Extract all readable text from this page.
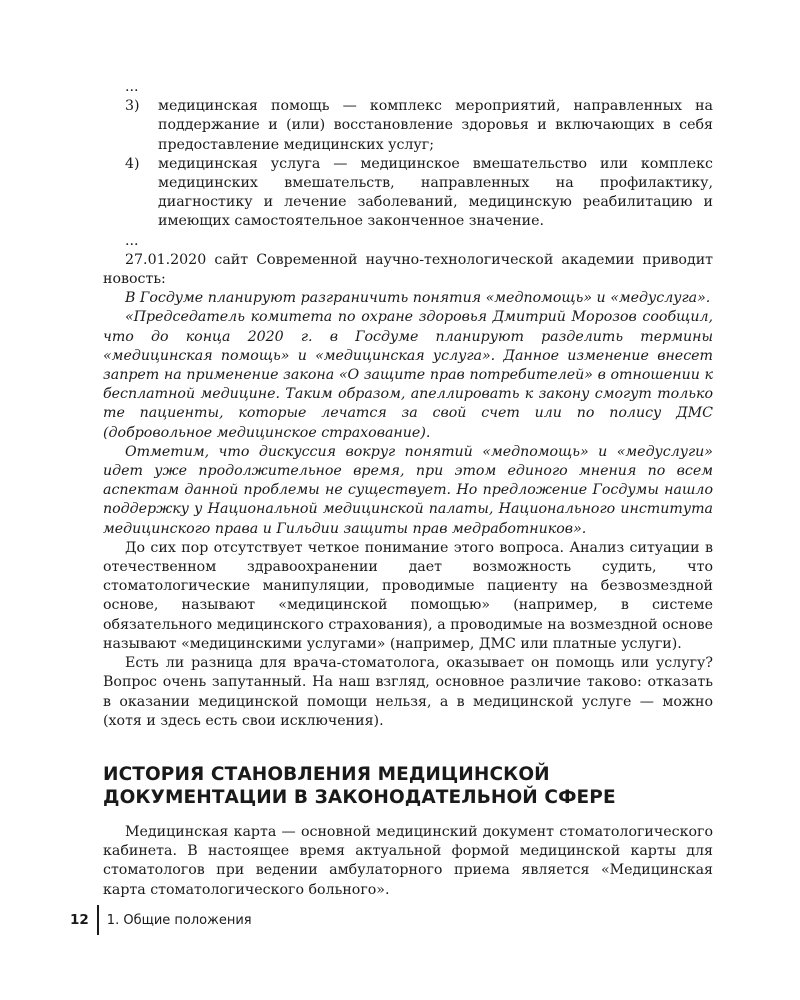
...

3)	медицинская помощь — комплекс мероприятий, направленных на поддержание и (или) восстановление здоровья и включающих в себя предоставление медицинских услуг;
4)	медицинская услуга — медицинское вмешательство или комплекс медицинских вмешательств, направленных на профилактику, диагностику и лечение заболеваний, медицинскую реабилитацию и имеющих самостоятельное законченное значение.

...

27.01.2020 сайт Современной научно-технологической академии приводит новость:

В Госдуме планируют разграничить понятия «медпомощь» и «медуслуга».

«Председатель комитета по охране здоровья Дмитрий Морозов сообщил, что до конца 2020 г. в Госдуме планируют разделить термины «медицинская помощь» и «медицинская услуга». Данное изменение внесет запрет на применение закона «О защите прав потребителей» в отношении к бесплатной медицине. Таким образом, апеллировать к закону смогут только те пациенты, которые лечатся за свой счет или по полису ДМС (добровольное медицинское страхование).

Отметим, что дискуссия вокруг понятий «медпомощь» и «медуслуги» идет уже продолжительное время, при этом единого мнения по всем аспектам данной проблемы не существует. Но предложение Госдумы нашло поддержку у Национальной медицинской палаты, Национального института медицинского права и Гильдии защиты прав медработников».

До сих пор отсутствует четкое понимание этого вопроса. Анализ ситуации в отечественном здравоохранении дает возможность судить, что стоматологические манипуляции, проводимые пациенту на безвозмездной основе, называют «медицинской помощью» (например, в системе обязательного медицинского страхования), а проводимые на возмездной основе называют «медицинскими услугами» (например, ДМС или платные услуги).

Есть ли разница для врача-стоматолога, оказывает он помощь или услугу? Вопрос очень запутанный. На наш взгляд, основное различие таково: отказать в оказании медицинской помощи нельзя, а в медицинской услуге — можно (хотя и здесь есть свои исключения).

ИСТОРИЯ СТАНОВЛЕНИЯ МЕДИЦИНСКОЙ ДОКУМЕНТАЦИИ В ЗАКОНОДАТЕЛЬНОЙ СФЕРЕ

Медицинская карта — основной медицинский документ стоматологического кабинета. В настоящее время актуальной формой медицинской карты для стоматологов при ведении амбулаторного приема является «Медицинская карта стоматологического больного».

12	1. Общие положения
